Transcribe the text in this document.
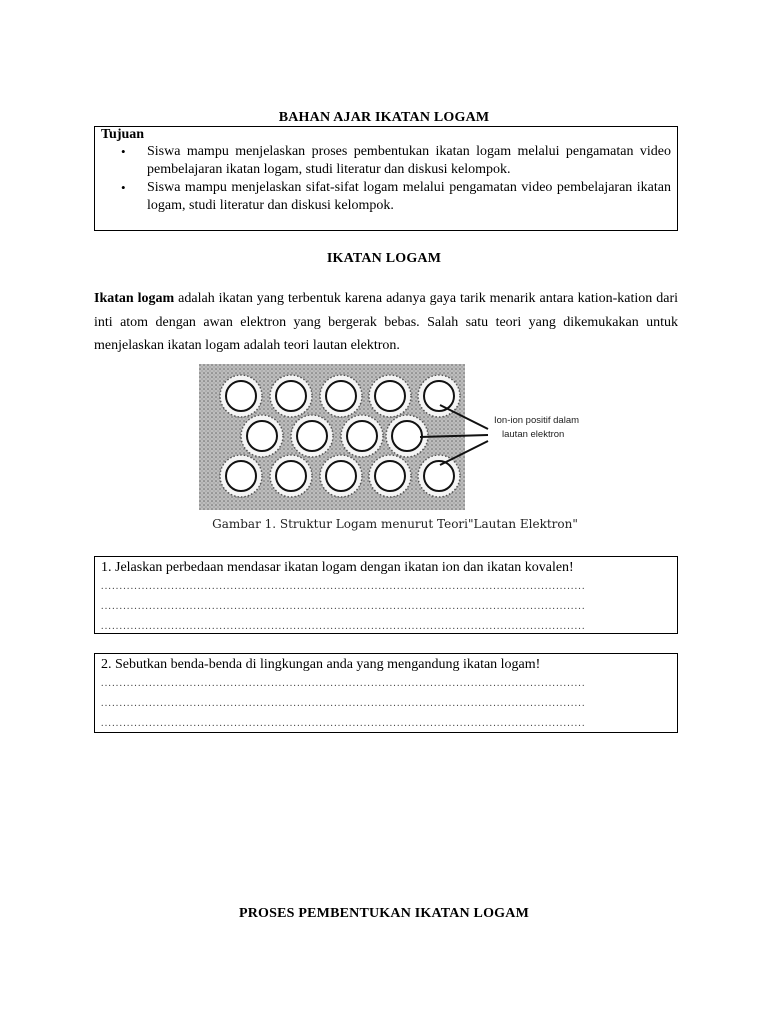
BAHAN AJAR IKATAN LOGAM
Tujuan
• Siswa mampu menjelaskan proses pembentukan ikatan logam melalui pengamatan video pembelajaran ikatan logam, studi literatur dan diskusi kelompok.
• Siswa mampu menjelaskan sifat-sifat logam melalui pengamatan video pembelajaran ikatan logam, studi literatur dan diskusi kelompok.
IKATAN LOGAM
Ikatan logam adalah ikatan yang terbentuk karena adanya gaya tarik menarik antara kation-kation dari inti atom dengan awan elektron yang bergerak bebas. Salah satu teori yang dikemukakan untuk menjelaskan ikatan logam adalah teori lautan elektron.
Ion-ion positif dalam
lautan elektron
Gambar 1. Struktur Logam menurut Teori"Lautan Elektron"
1. Jelaskan perbedaan mendasar ikatan logam dengan ikatan ion dan ikatan kovalen!
...................................................................................................................................
...................................................................................................................................
...................................................................................................................................
2. Sebutkan benda-benda di lingkungan anda yang mengandung ikatan logam!
...................................................................................................................................
...................................................................................................................................
...................................................................................................................................
PROSES PEMBENTUKAN IKATAN LOGAM
